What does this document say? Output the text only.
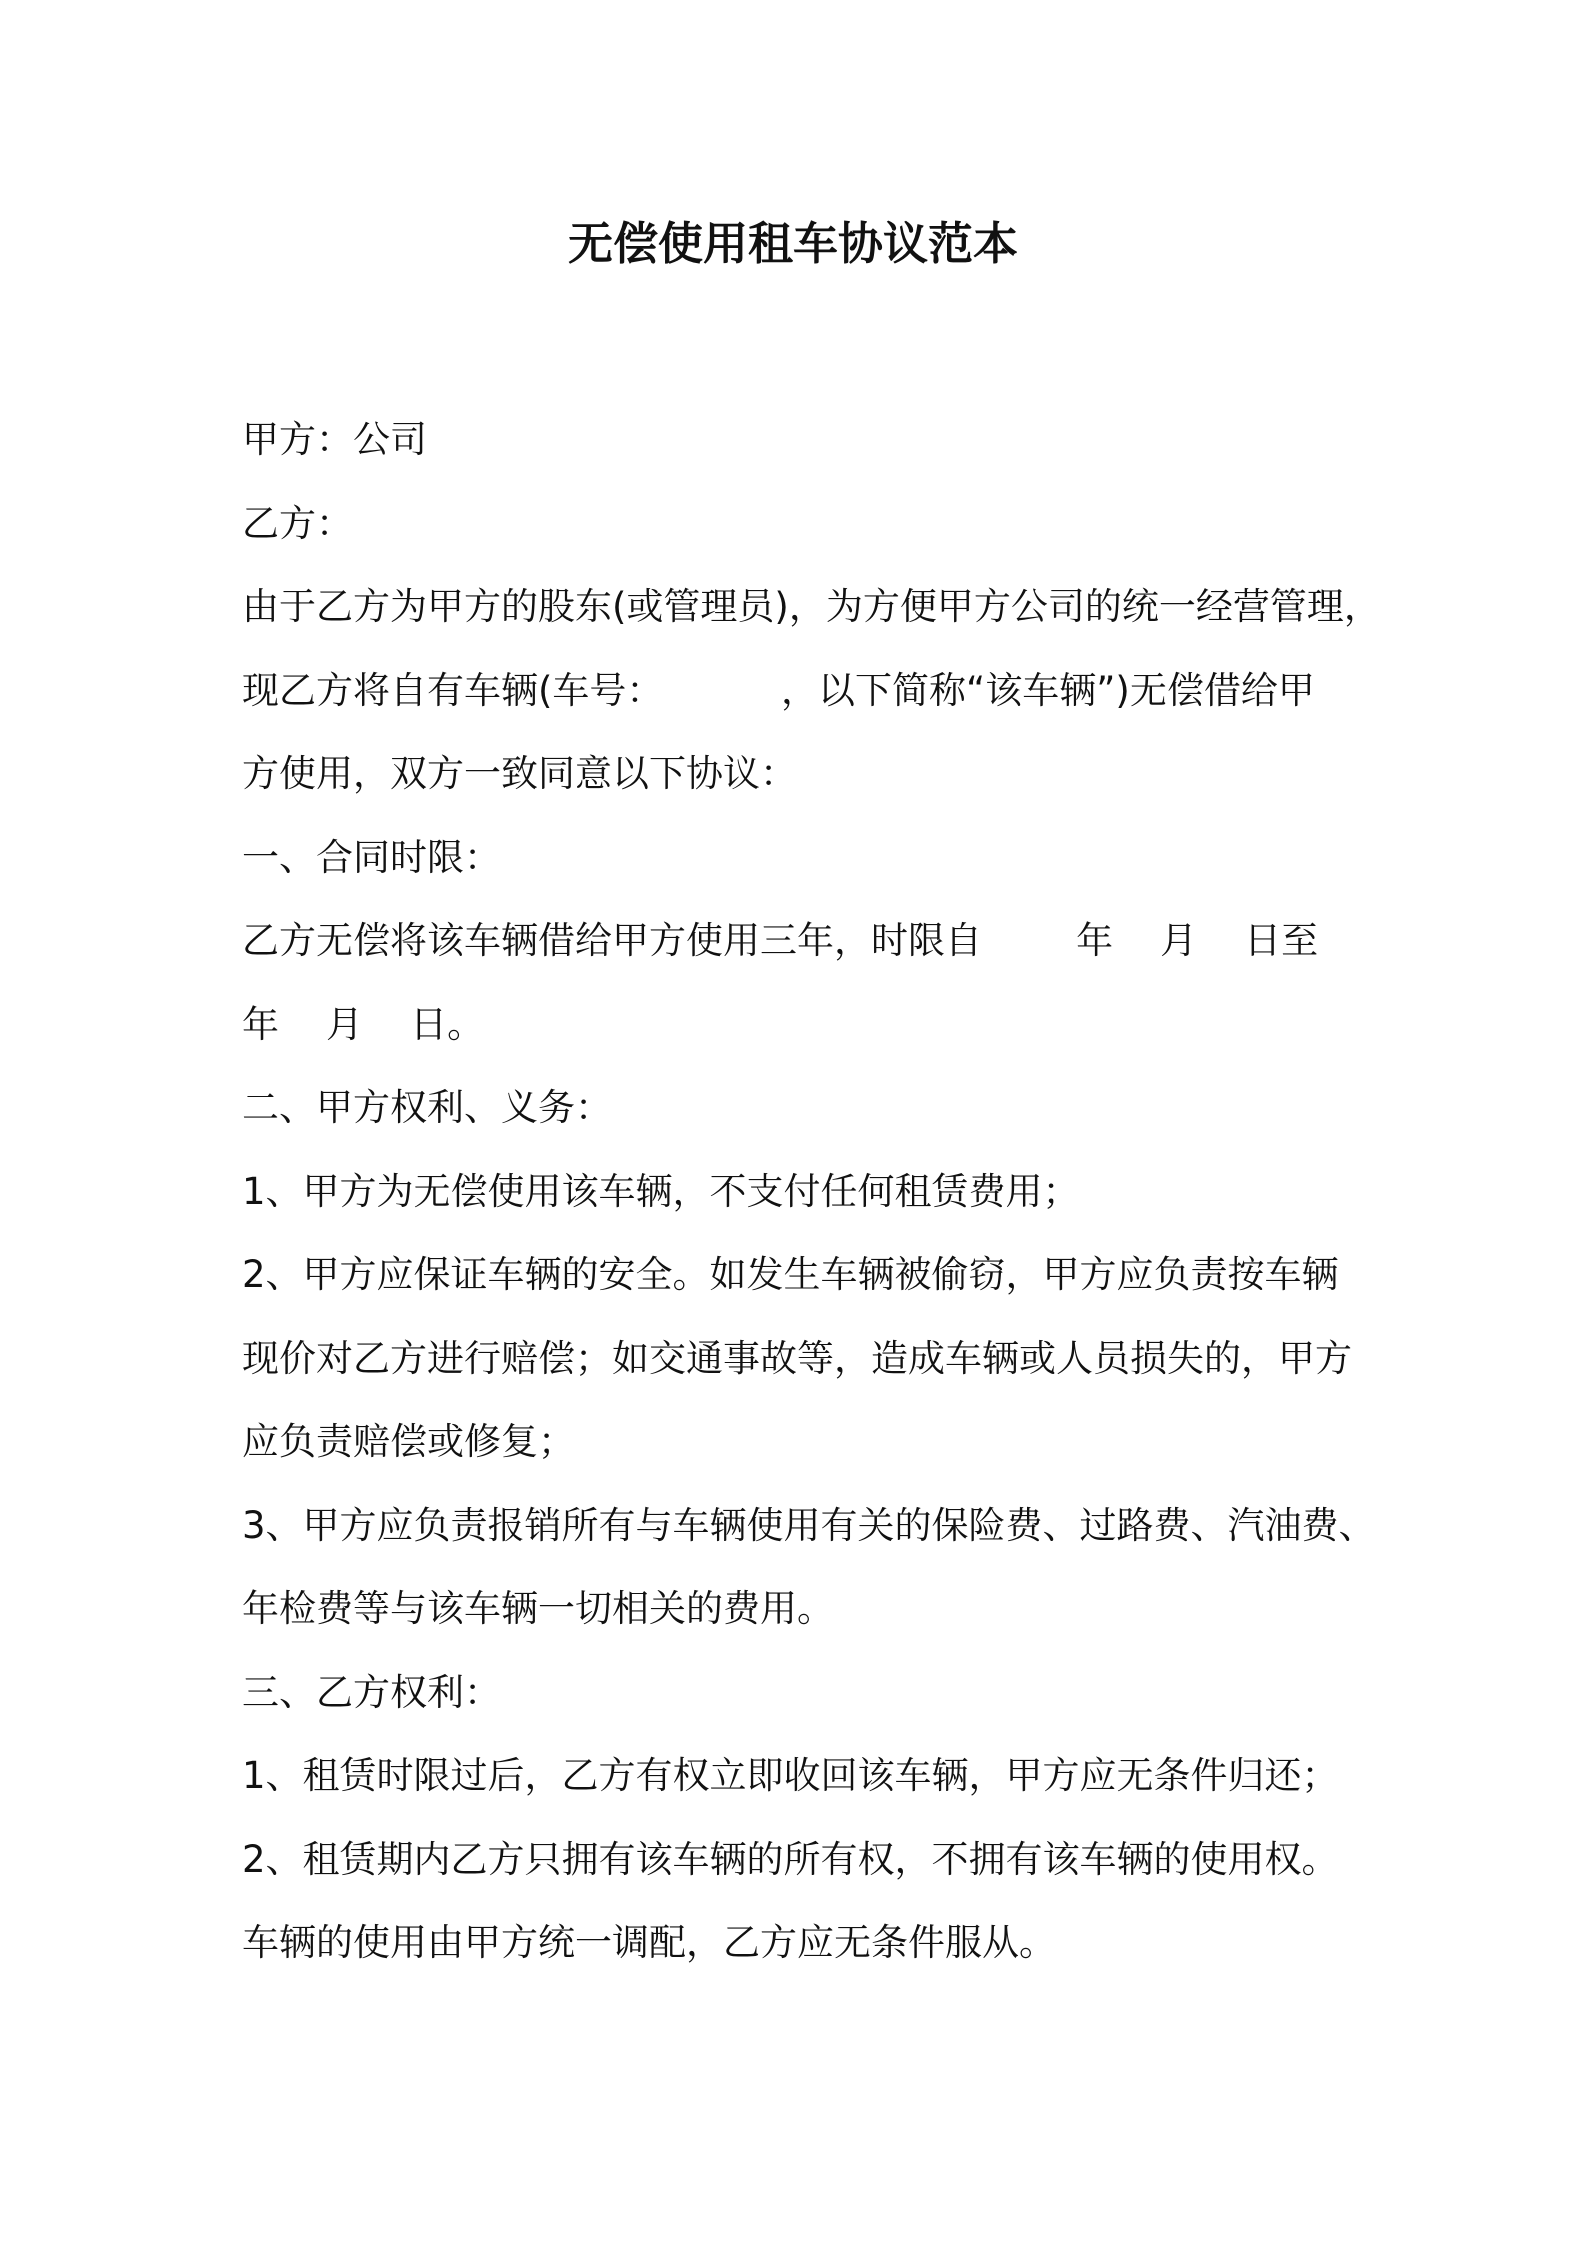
无偿使用租车协议范本

甲方：公司

乙方：

由于乙方为甲方的股东(或管理员)，为方便甲方公司的统一经营管理，

现乙方将自有车辆(车号：          ，以下简称“该车辆”)无偿借给甲

方使用，双方一致同意以下协议：

一、合同时限：

乙方无偿将该车辆借给甲方使用三年，时限自        年    月    日至

年    月    日。

二、甲方权利、义务：

1、甲方为无偿使用该车辆，不支付任何租赁费用；

2、甲方应保证车辆的安全。如发生车辆被偷窃，甲方应负责按车辆

现价对乙方进行赔偿；如交通事故等，造成车辆或人员损失的，甲方

应负责赔偿或修复；

3、甲方应负责报销所有与车辆使用有关的保险费、过路费、汽油费、

年检费等与该车辆一切相关的费用。

三、乙方权利：

1、租赁时限过后，乙方有权立即收回该车辆，甲方应无条件归还；

2、租赁期内乙方只拥有该车辆的所有权，不拥有该车辆的使用权。

车辆的使用由甲方统一调配，乙方应无条件服从。
